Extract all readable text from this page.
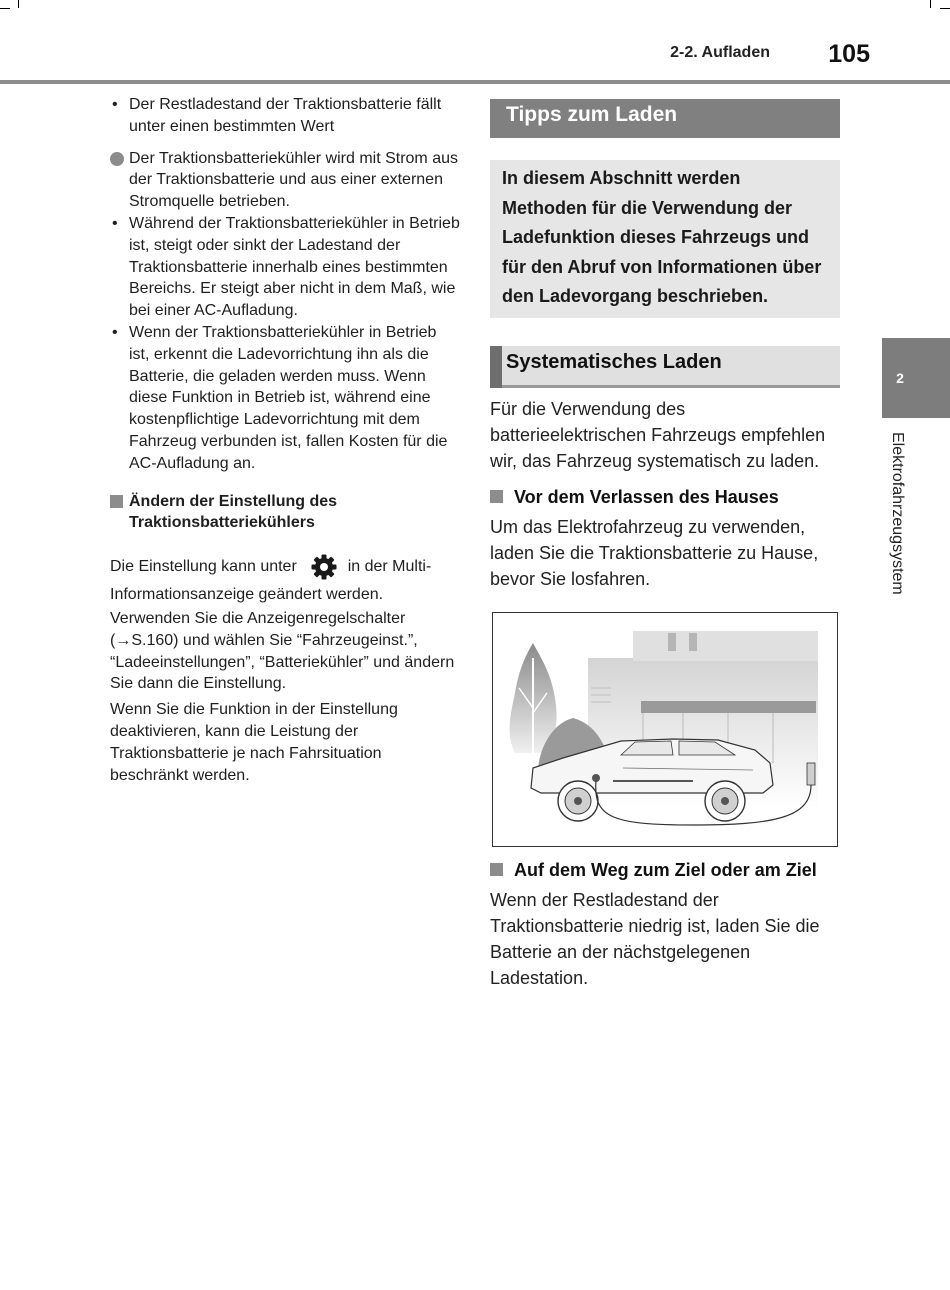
2-2. Aufladen 105
2
Elektrofahrzeugsystem
• Der Restladestand der Traktionsbatterie fällt unter einen bestimmten Wert
Der Traktionsbatteriekühler wird mit Strom aus der Traktionsbatterie und aus einer externen Stromquelle betrieben.
• Während der Traktionsbatteriekühler in Betrieb ist, steigt oder sinkt der Ladestand der Traktionsbatterie innerhalb eines bestimmten Bereichs. Er steigt aber nicht in dem Maß, wie bei einer AC-Aufladung.
• Wenn der Traktionsbatteriekühler in Betrieb ist, erkennt die Ladevorrichtung ihn als die Batterie, die geladen werden muss. Wenn diese Funktion in Betrieb ist, während eine kostenpflichtige Ladevorrichtung mit dem Fahrzeug verbunden ist, fallen Kosten für die AC-Aufladung an.
Ändern der Einstellung des Traktionsbatteriekühlers
Die Einstellung kann unter	in der Multi-

Informationsanzeige geändert werden.

Verwenden Sie die Anzeigenregelschalter (→S.160) und wählen Sie “Fahrzeugeinst.”, “Ladeeinstellungen”, “Batteriekühler” und ändern Sie dann die Einstellung.

Wenn Sie die Funktion in der Einstellung deaktivieren, kann die Leistung der Traktionsbatterie je nach Fahrsituation beschränkt werden.

Tipps zum Laden
In diesem Abschnitt werden Methoden für die Verwendung der Ladefunktion dieses Fahrzeugs und für den Abruf von Informationen über den Ladevorgang beschrieben.
Systematisches Laden

Für die Verwendung des batterieelektrischen Fahrzeugs empfehlen wir, das Fahrzeug systematisch zu laden.

Vor dem Verlassen des Hauses

Um das Elektrofahrzeug zu verwenden, laden Sie die Traktionsbatterie zu Hause, bevor Sie losfahren.

Auf dem Weg zum Ziel oder am Ziel

Wenn der Restladestand der Traktionsbatterie niedrig ist, laden Sie die Batterie an der nächstgelegenen Ladestation.
